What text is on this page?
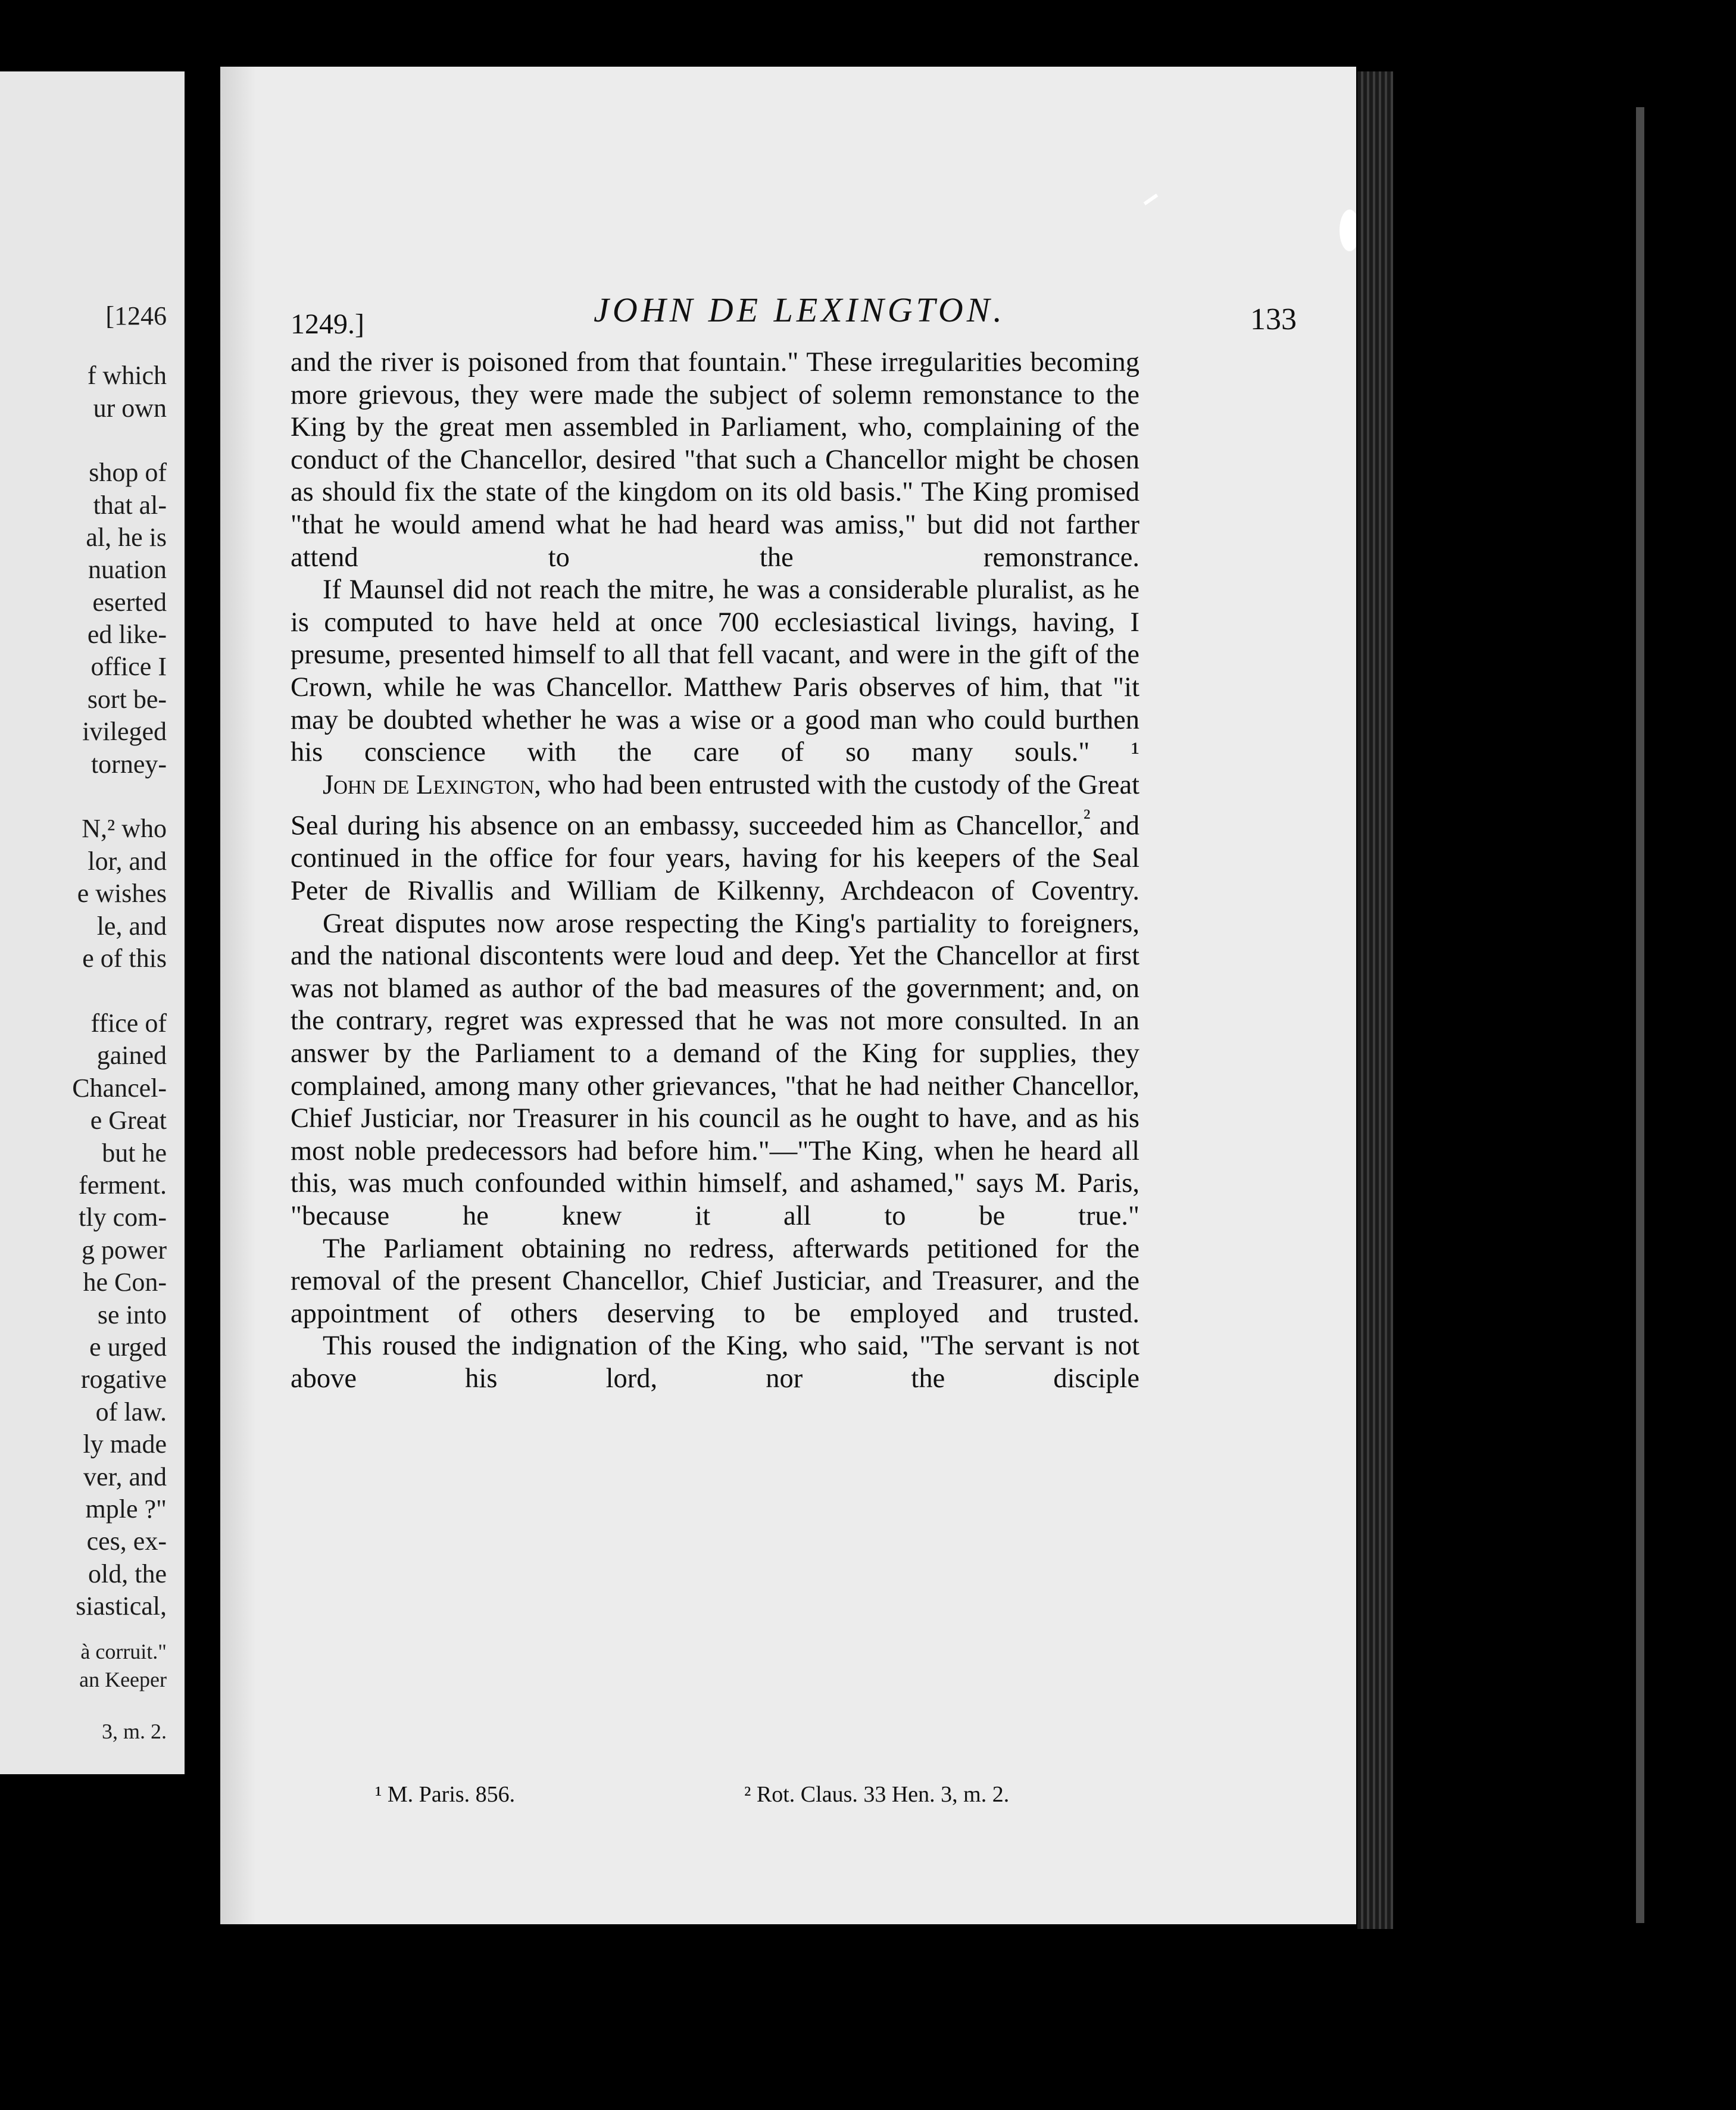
[1246
f which
ur own
shop of
that al-
al, he is
nuation
eserted
ed like-
office I
sort be-
ivileged
torney-
N,² who
lor, and
e wishes
le, and
e of this
ffice of
gained
Chancel-
e Great
but he
ferment.
tly com-
g power
he Con-
se into
e urged
rogative
of law.
ly made
ver, and
mple ?"
ces, ex-
old, the
siastical,
à corruit."
an Keeper
3, m. 2.
1249.]	JOHN DE LEXINGTON.	133

and the river is poisoned from that fountain." These irregularities becoming more grievous, they were made the subject of solemn remonstance to the King by the great men assembled in Parliament, who, complaining of the conduct of the Chancellor, desired "that such a Chancellor might be chosen as should fix the state of the kingdom on its old basis." The King promised "that he would amend what he had heard was amiss," but did not farther attend to the remonstrance.

If Maunsel did not reach the mitre, he was a considerable pluralist, as he is computed to have held at once 700 ecclesiastical livings, having, I presume, presented himself to all that fell vacant, and were in the gift of the Crown, while he was Chancellor. Matthew Paris observes of him, that "it may be doubted whether he was a wise or a good man who could burthen his conscience with the care of so many souls." ¹

John de Lexington, who had been entrusted with the custody of the Great Seal during his absence on an embassy, succeeded him as Chancellor,$^{^2}$ and continued in the office for four years, having for his keepers of the Seal Peter de Rivallis and William de Kilkenny, Archdeacon of Coventry.

Great disputes now arose respecting the King's partiality to foreigners, and the national discontents were loud and deep. Yet the Chancellor at first was not blamed as author of the bad measures of the government; and, on the contrary, regret was expressed that he was not more consulted. In an answer by the Parliament to a demand of the King for supplies, they complained, among many other grievances, "that he had neither Chancellor, Chief Justiciar, nor Treasurer in his council as he ought to have, and as his most noble predecessors had before him."—"The King, when he heard all this, was much confounded within himself, and ashamed," says M. Paris, "because he knew it all to be true."

The Parliament obtaining no redress, afterwards petitioned for the removal of the present Chancellor, Chief Justiciar, and Treasurer, and the appointment of others deserving to be employed and trusted.

This roused the indignation of the King, who said, "The servant is not above his lord, nor the disciple

¹ M. Paris. 856.	² Rot. Claus. 33 Hen. 3, m. 2.
